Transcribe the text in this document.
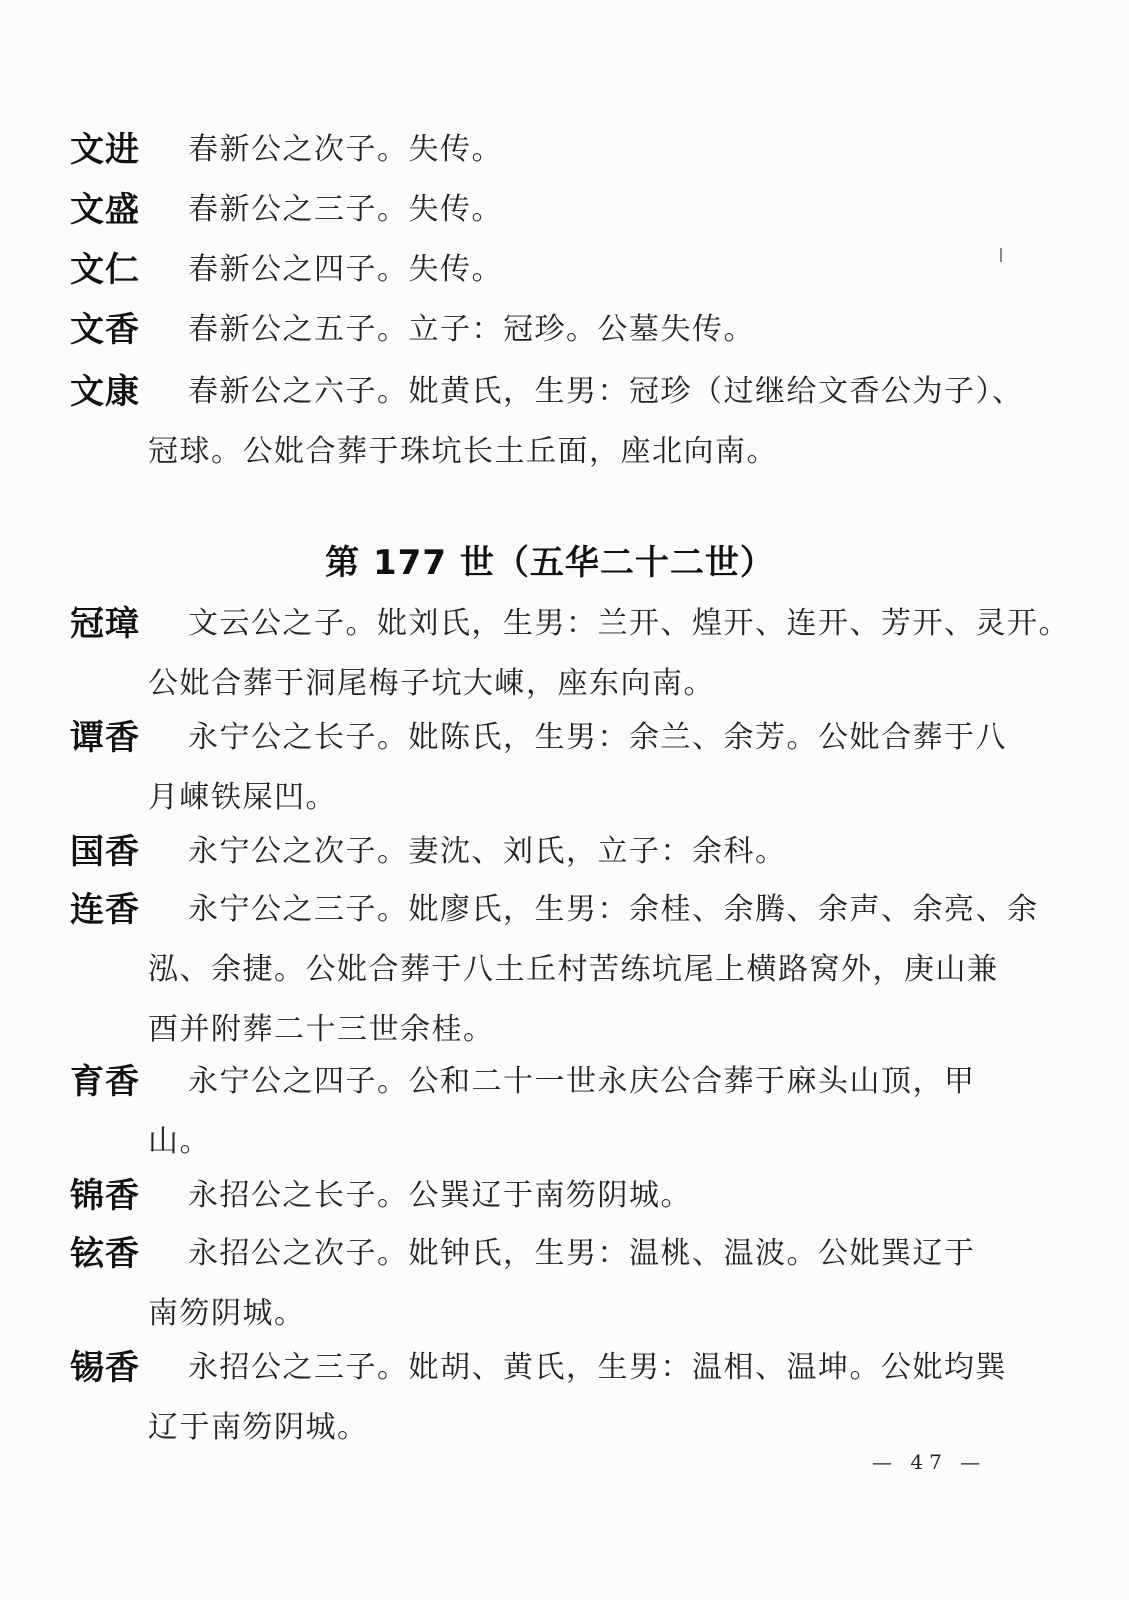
文进 春新公之次子。失传。
文盛 春新公之三子。失传。
文仁 春新公之四子。失传。
文香 春新公之五子。立子：冠珍。公墓失传。
文康 春新公之六子。妣黄氏，生男：冠珍（过继给文香公为子）、
冠球。公妣合葬于珠坑长土丘面，座北向南。
第 177 世（五华二十二世）
冠璋 文云公之子。妣刘氏，生男：兰开、煌开、连开、芳开、灵开。
公妣合葬于洞尾梅子坑大崠，座东向南。
谭香 永宁公之长子。妣陈氏，生男：余兰、余芳。公妣合葬于八
月崠铁屎凹。
国香 永宁公之次子。妻沈、刘氏，立子：余科。
连香 永宁公之三子。妣廖氏，生男：余桂、余腾、余声、余亮、余
泓、余捷。公妣合葬于八土丘村苦练坑尾上横路窝外，庚山兼
酉并附葬二十三世余桂。
育香 永宁公之四子。公和二十一世永庆公合葬于麻头山顶，甲
山。
锦香 永招公之长子。公巽辽于南笏阴城。
铉香 永招公之次子。妣钟氏，生男：温桃、温波。公妣巽辽于
南笏阴城。
锡香 永招公之三子。妣胡、黄氏，生男：温相、温坤。公妣均巽
辽于南笏阴城。
— 47 —
